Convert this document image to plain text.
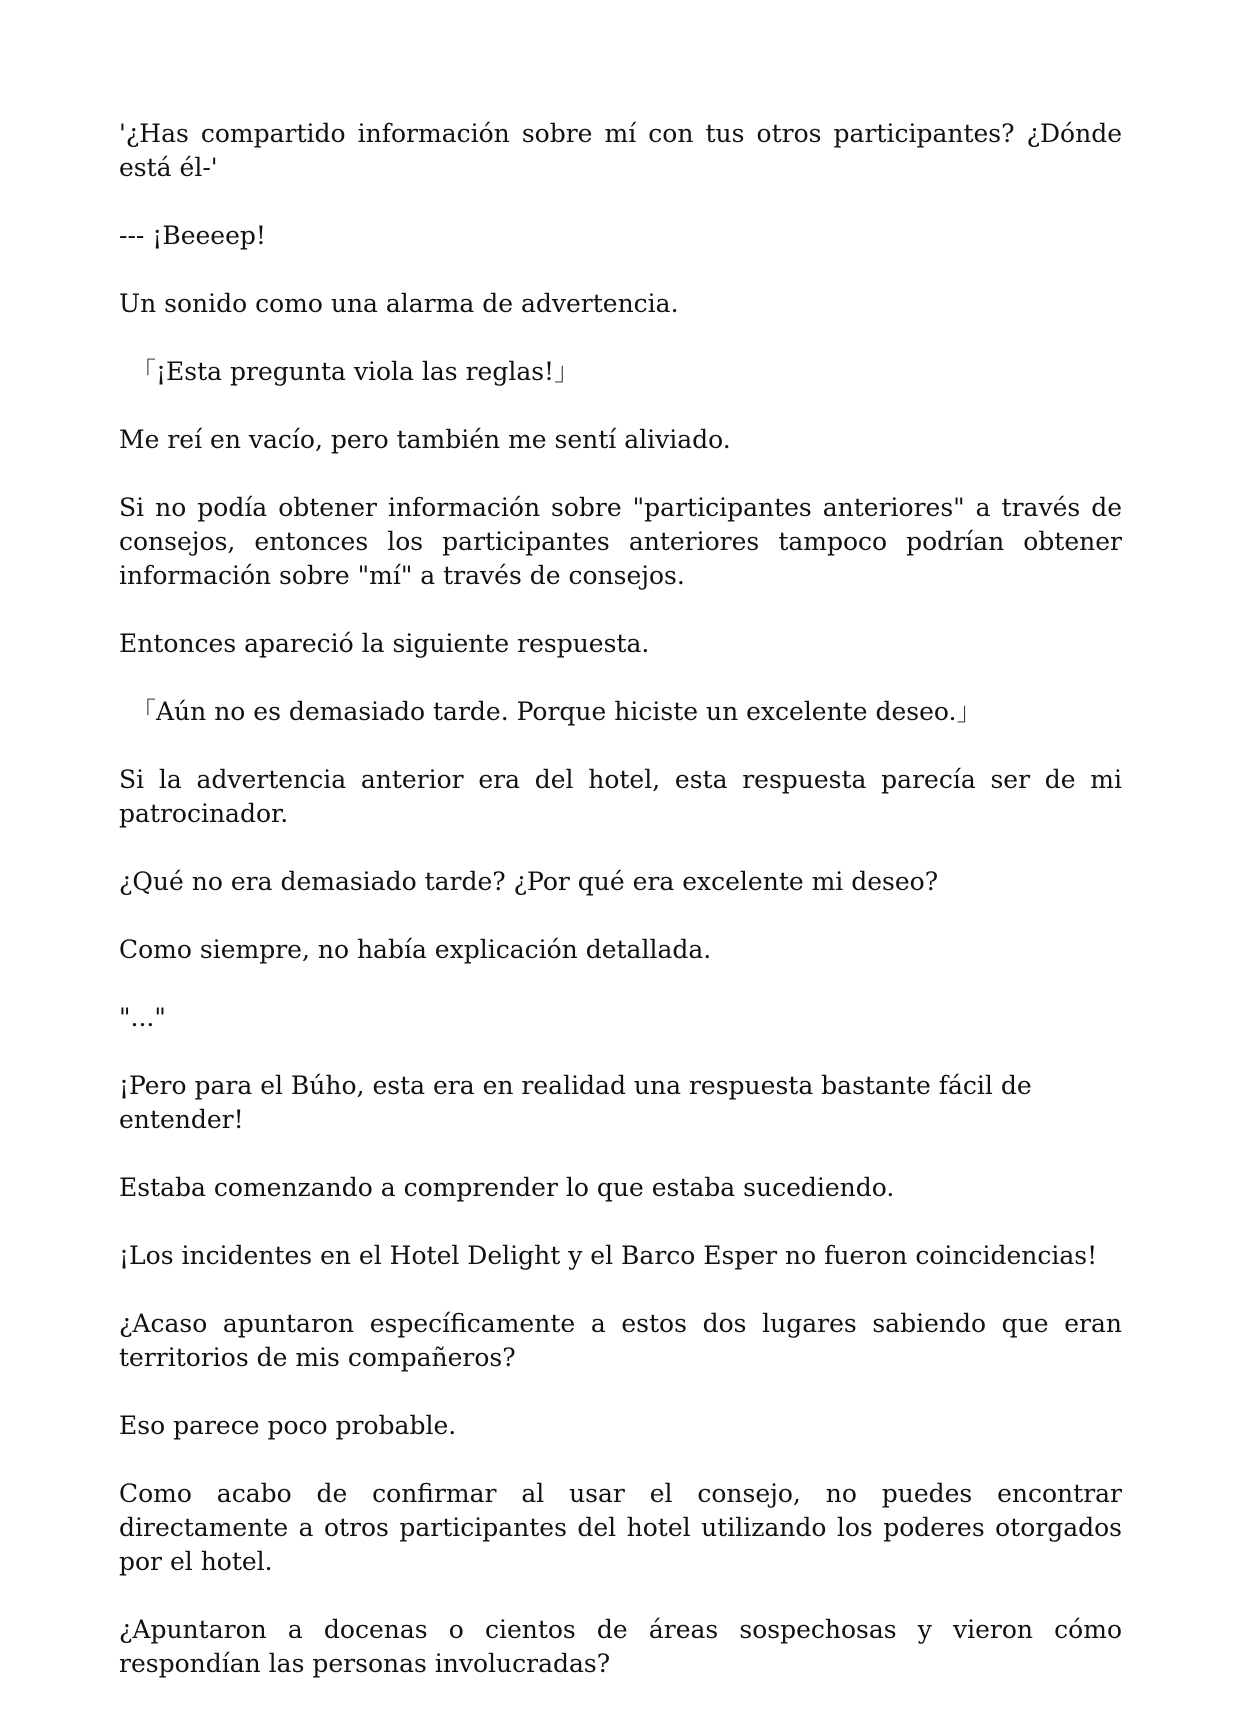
'¿Has compartido información sobre mí con tus otros participantes? ¿Dónde está él-'

--- ¡Beeeep!

Un sonido como una alarma de advertencia.

「¡Esta pregunta viola las reglas!」

Me reí en vacío, pero también me sentí aliviado.

Si no podía obtener información sobre "participantes anteriores" a través de consejos, entonces los participantes anteriores tampoco podrían obtener información sobre "mí" a través de consejos.

Entonces apareció la siguiente respuesta.

「Aún no es demasiado tarde. Porque hiciste un excelente deseo.」

Si la advertencia anterior era del hotel, esta respuesta parecía ser de mi patrocinador.

¿Qué no era demasiado tarde? ¿Por qué era excelente mi deseo?

Como siempre, no había explicación detallada.

"..."

¡Pero para el Búho, esta era en realidad una respuesta bastante fácil de entender!

Estaba comenzando a comprender lo que estaba sucediendo.

¡Los incidentes en el Hotel Delight y el Barco Esper no fueron coincidencias!

¿Acaso apuntaron específicamente a estos dos lugares sabiendo que eran territorios de mis compañeros?

Eso parece poco probable.

Como acabo de confirmar al usar el consejo, no puedes encontrar directamente a otros participantes del hotel utilizando los poderes otorgados por el hotel.

¿Apuntaron a docenas o cientos de áreas sospechosas y vieron cómo respondían las personas involucradas?
